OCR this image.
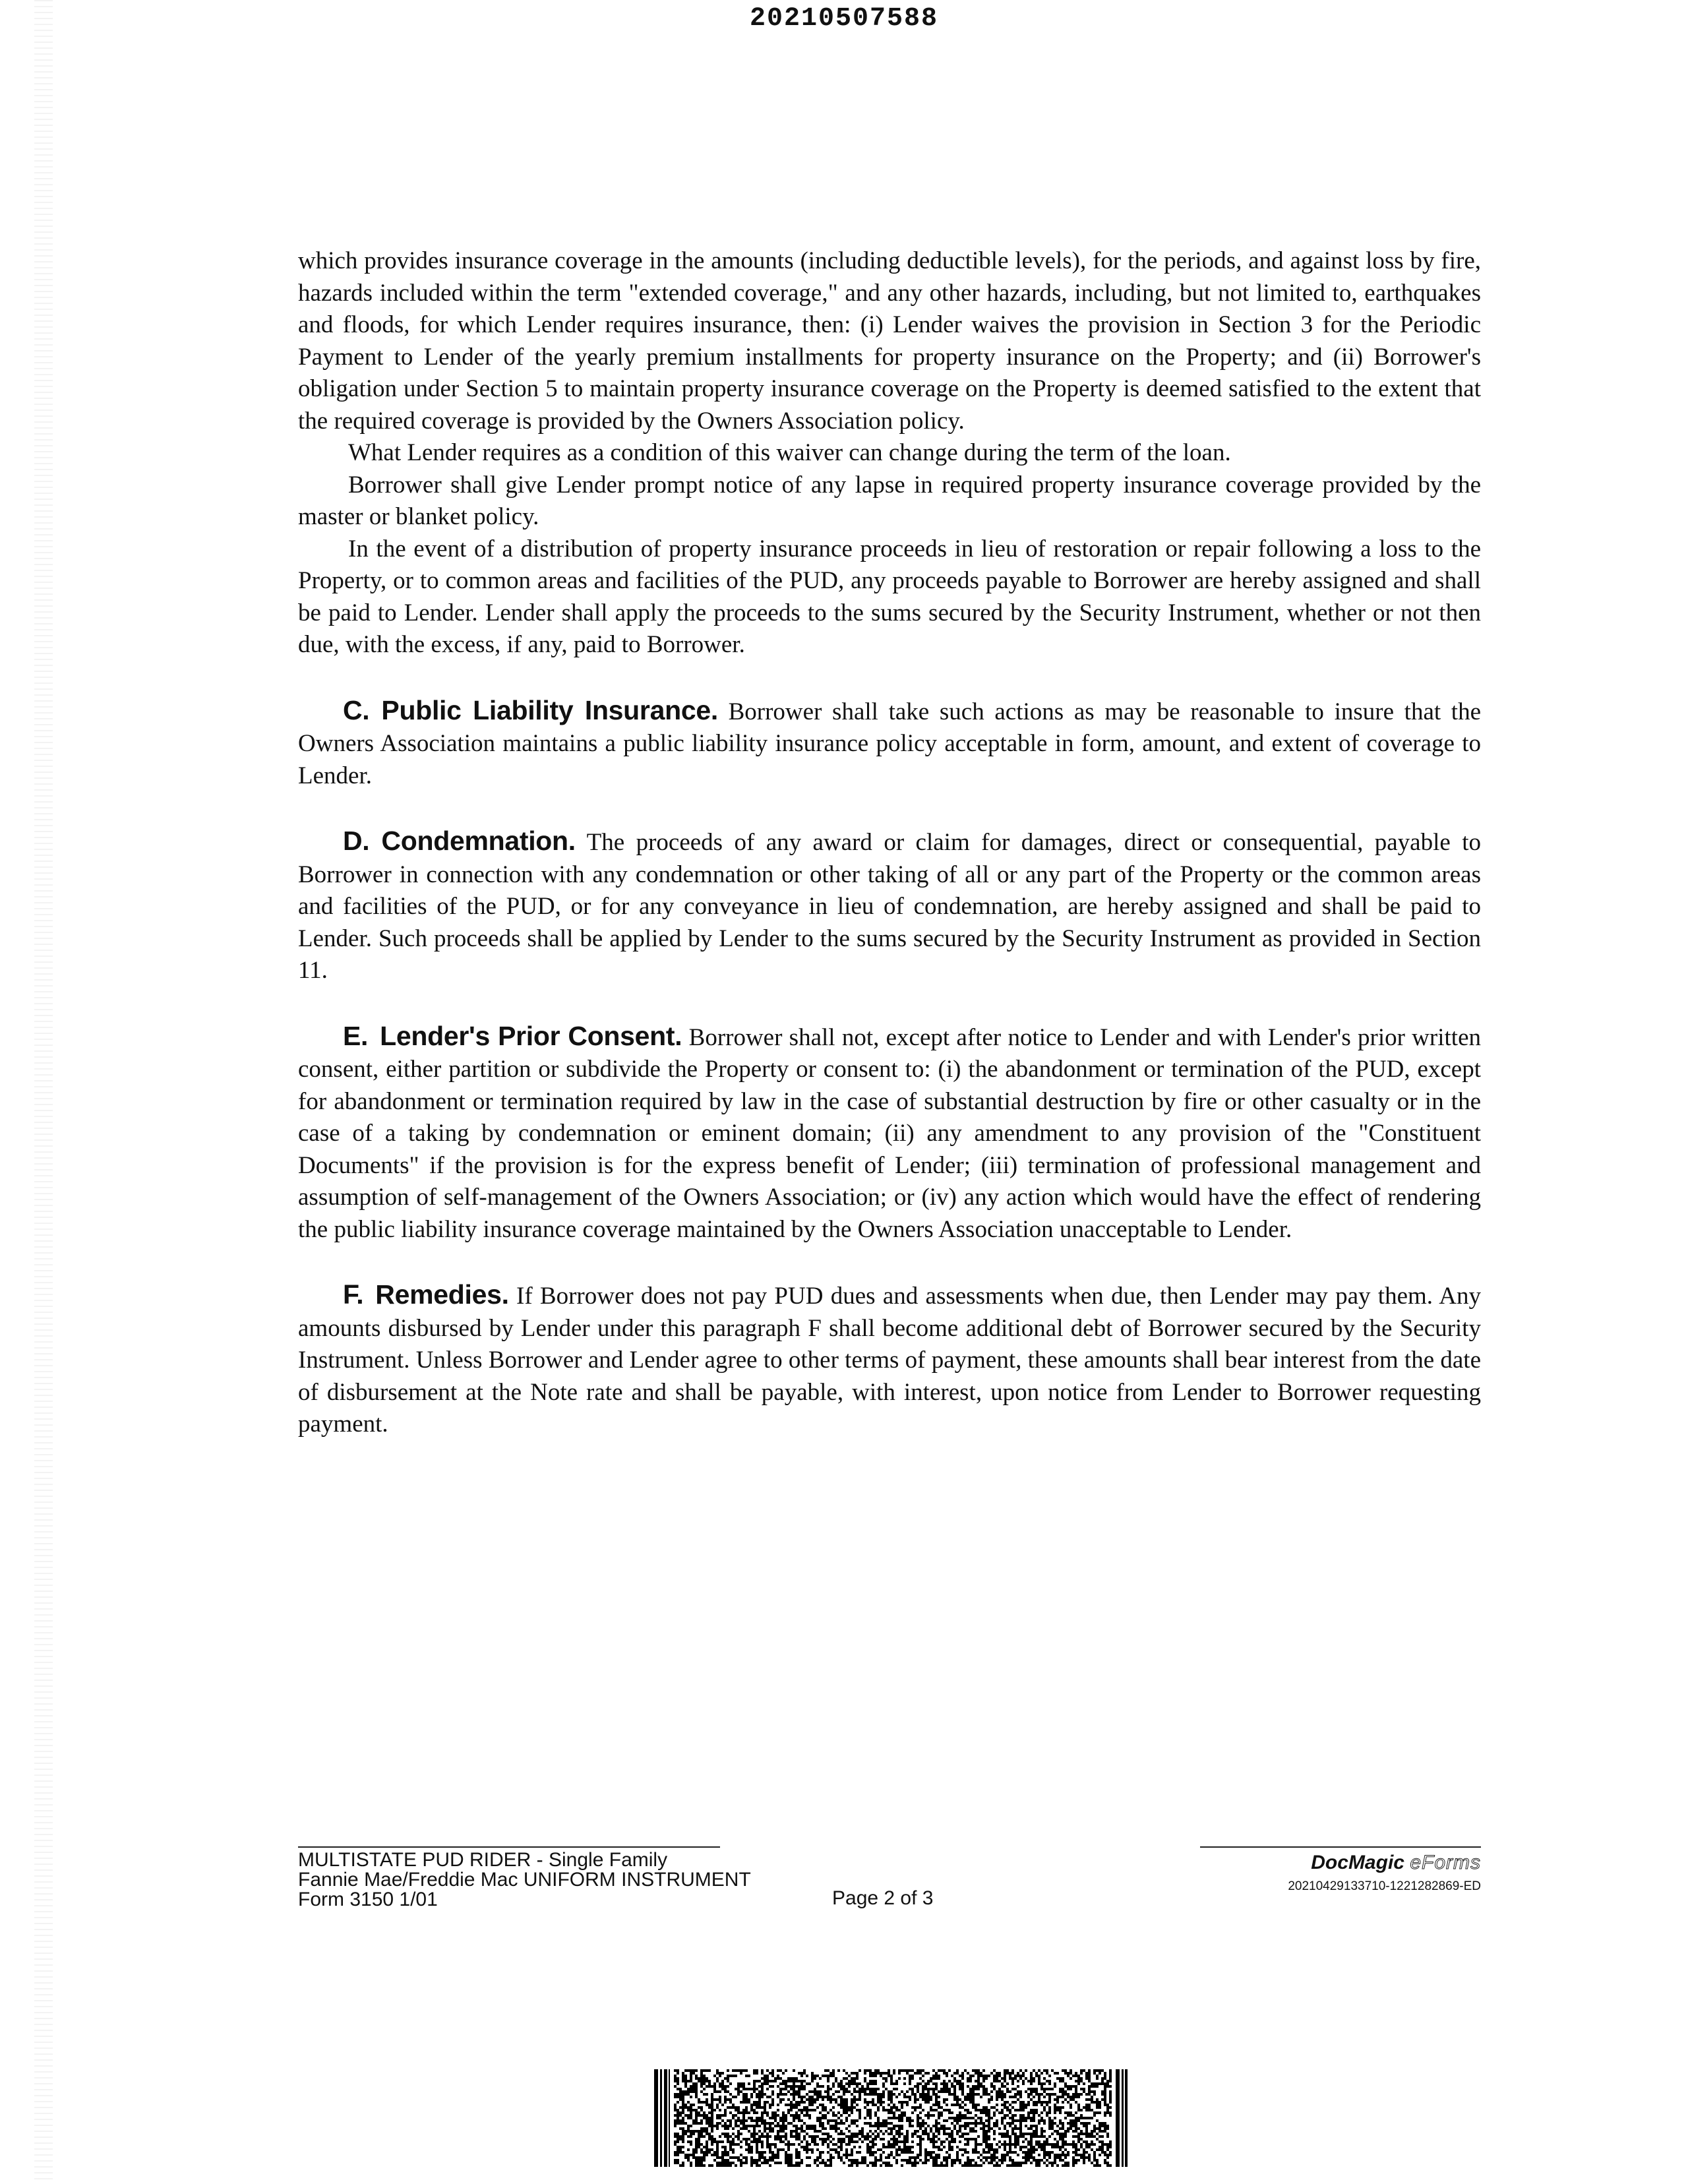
20210507588

which provides insurance coverage in the amounts (including deductible levels), for the periods, and against loss by fire, hazards included within the term "extended coverage," and any other hazards, including, but not limited to, earthquakes and floods, for which Lender requires insurance, then: (i) Lender waives the provision in Section 3 for the Periodic Payment to Lender of the yearly premium installments for property insurance on the Property; and (ii) Borrower's obligation under Section 5 to maintain property insurance coverage on the Property is deemed satisfied to the extent that the required coverage is provided by the Owners Association policy.

What Lender requires as a condition of this waiver can change during the term of the loan.

Borrower shall give Lender prompt notice of any lapse in required property insurance coverage provided by the master or blanket policy.

In the event of a distribution of property insurance proceeds in lieu of restoration or repair following a loss to the Property, or to common areas and facilities of the PUD, any proceeds payable to Borrower are hereby assigned and shall be paid to Lender. Lender shall apply the proceeds to the sums secured by the Security Instrument, whether or not then due, with the excess, if any, paid to Borrower.

C. Public Liability Insurance. Borrower shall take such actions as may be reasonable to insure that the Owners Association maintains a public liability insurance policy acceptable in form, amount, and extent of coverage to Lender.

D. Condemnation. The proceeds of any award or claim for damages, direct or consequential, payable to Borrower in connection with any condemnation or other taking of all or any part of the Property or the common areas and facilities of the PUD, or for any conveyance in lieu of condemnation, are hereby assigned and shall be paid to Lender. Such proceeds shall be applied by Lender to the sums secured by the Security Instrument as provided in Section 11.

E. Lender's Prior Consent. Borrower shall not, except after notice to Lender and with Lender's prior written consent, either partition or subdivide the Property or consent to: (i) the abandonment or termination of the PUD, except for abandonment or termination required by law in the case of substantial destruction by fire or other casualty or in the case of a taking by condemnation or eminent domain; (ii) any amendment to any provision of the "Constituent Documents" if the provision is for the express benefit of Lender; (iii) termination of professional management and assumption of self-management of the Owners Association; or (iv) any action which would have the effect of rendering the public liability insurance coverage maintained by the Owners Association unacceptable to Lender.

F. Remedies. If Borrower does not pay PUD dues and assessments when due, then Lender may pay them. Any amounts disbursed by Lender under this paragraph F shall become additional debt of Borrower secured by the Security Instrument. Unless Borrower and Lender agree to other terms of payment, these amounts shall bear interest from the date of disbursement at the Note rate and shall be payable, with interest, upon notice from Lender to Borrower requesting payment.

MULTISTATE PUD RIDER - Single Family
Fannie Mae/Freddie Mac UNIFORM INSTRUMENT
Form 3150 1/01	Page 2 of 3
DocMagic eForms
20210429133710-1221282869-ED
